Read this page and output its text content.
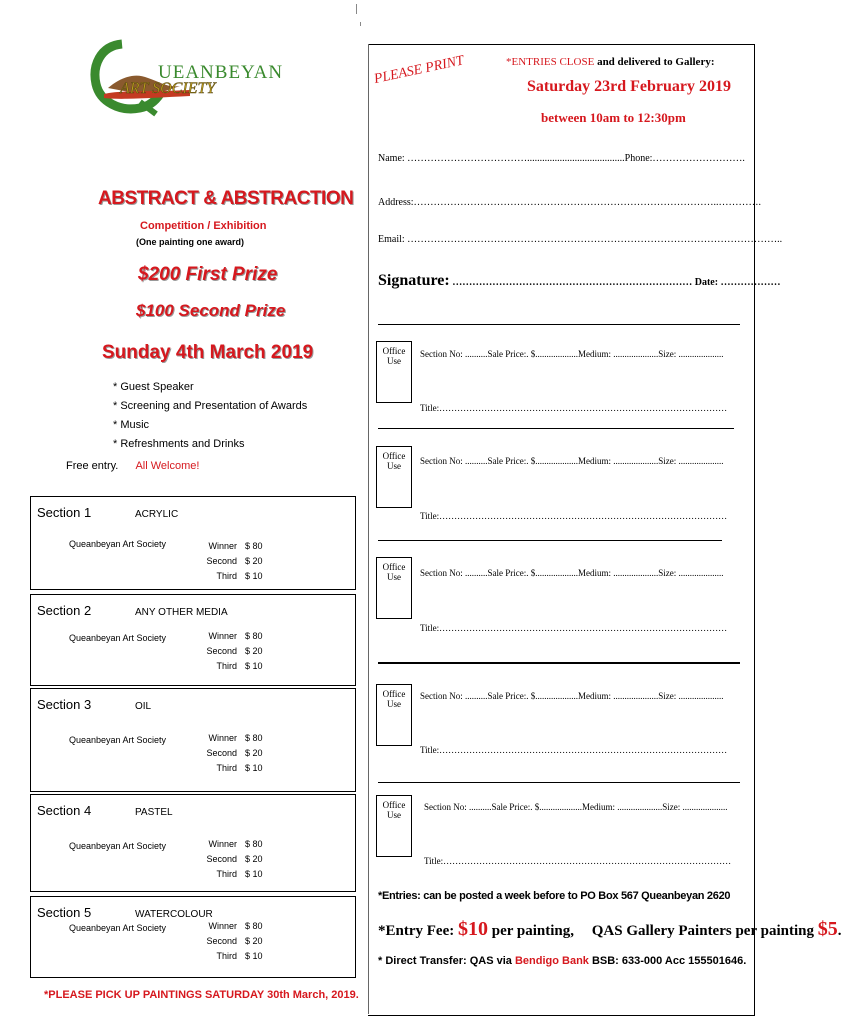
UEANBEYAN
ART SOCIETY
PLEASE PRINT	*ENTRIES CLOSE and delivered to Gallery:
Saturday 23rd February 2019
between 10am to 12:30pm
Name: ……………………………….......................................Phone:……………………….
Address:………………………………………………………………………………..………….
Email: …………………………………………………………………………………………………..
Signature: ……………………………………………………………… Date: ………………
Office Use
Section No: ..........Sale Price:. $...................Medium: ....................Size: ....................
Title:……………………………………………………………………………………
Office Use	Section No: ..........Sale Price:. $...................Medium: ....................Size: ....................
Title:……………………………………………………………………………………
Office Use	Section No: ..........Sale Price:. $...................Medium: ....................Size: ....................
Title:……………………………………………………………………………………
Office Use
Section No: ..........Sale Price:. $...................Medium: ....................Size: ....................
Title:……………………………………………………………………………………
Office Use
Section No: ..........Sale Price:. $...................Medium: ....................Size: ....................
Title:……………………………………………………………………………………
*Entries: can be posted a week before to PO Box 567 Queanbeyan 2620
*Entry Fee: $10 per painting, QAS Gallery Painters per painting $5
* Direct Transfer: QAS via Bendigo Bank BSB: 633-000 Acc 155501646.
ABSTRACT & ABSTRACTION
Competition / Exhibition
(One painting one award)
$200 First Prize
$100 Second Prize
Sunday 4th March 2019
* Guest Speaker
* Screening and Presentation of Awards
* Music
* Refreshments and Drinks
Free entry. All Welcome!
Section 1	ACRYLIC
Queanbeyan Art Society	Winner $ 80
Second $ 20
Third $ 10
Section 2	ANY OTHER MEDIA
Queanbeyan Art Society	Winner $ 80
Second $ 20
Third $ 10
Section 3	OIL
Queanbeyan Art Society	Winner $ 80
Second $ 20
Third $ 10
Section 4	PASTEL
Queanbeyan Art Society	Winner $ 80
Second $ 20
Third $ 10
Section 5	WATERCOLOUR
Queanbeyan Art Society	Winner $ 80
Second $ 20
Third $ 10
*PLEASE PICK UP PAINTINGS SATURDAY 30th March, 2019.
